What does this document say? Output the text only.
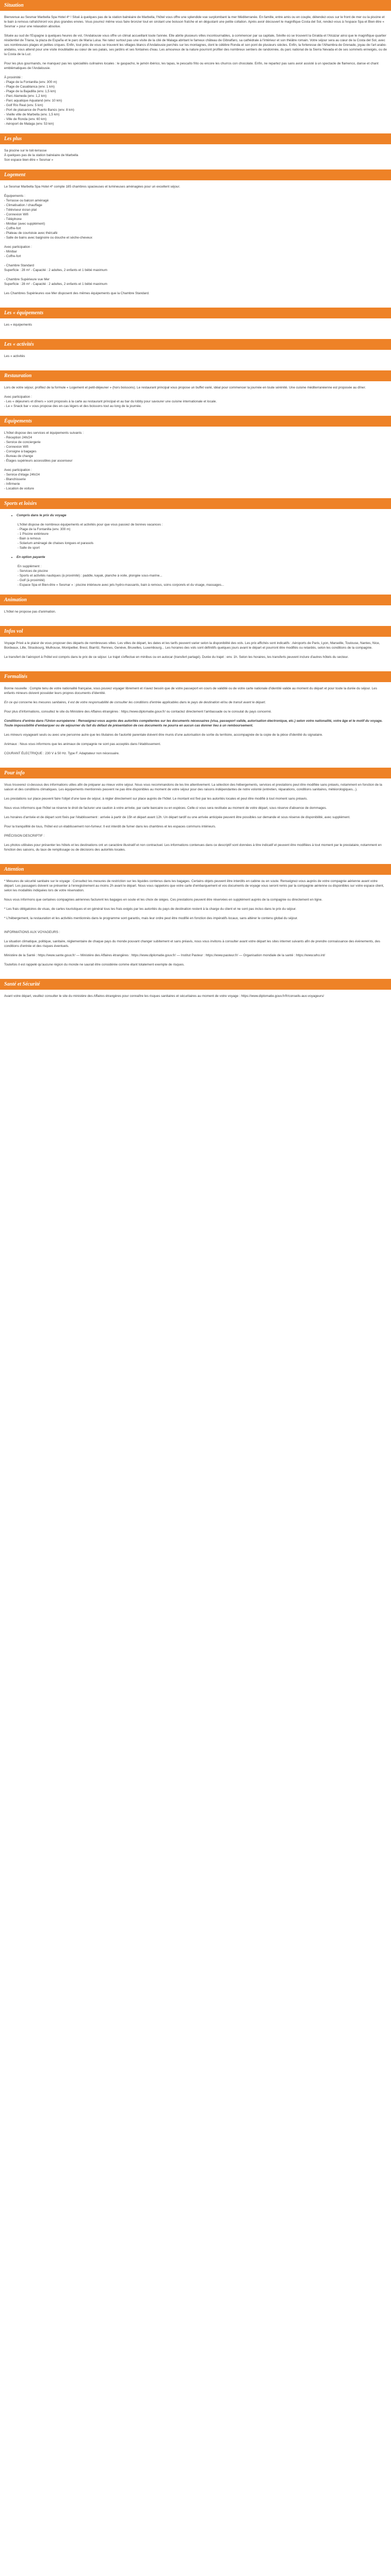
Situation

Bienvenue au Sesmar Marbella Spa Hotel 4* ! Situé à quelques pas de la station balnéaire de Marbella, l'hôtel vous offre une splendide vue surplombant la mer Méditerranée. En famille, entre amis ou en couple, détendez-vous sur le front de mer ou la piscine et le bain à remous rafraîchiront vos plus grandes envies. Vous pourrez même vous faire bronzer tout en sirotant une boisson fraîche et en dégustant une petite collation. Après avoir découvert le magnifique Costa del Sol, rendez-vous à l'espace Spa et Bien-être « Sesmar » pour une relaxation absolue.

Située au sud de l'Espagne à quelques heures de vol, l'Andalousie vous offre un climat accueillant toute l'année. Elle abrite plusieurs villes incontournables, à commencer par sa capitale, Séville où se trouvent la Giralda et l'Alcázar ainsi que le magnifique quartier résidentiel de Triana, la plaza de España et le parc de Maria Luisa. Ne ratez surtout pas une visite de la cité de Malaga abritant le fameux château de Gibralfaro, sa cathédrale à l'intérieur et son théâtre romain. Votre séjour sera au cœur de la Costa del Sol, avec ses nombreuses plages et petites criques. Enfin, tout près de vous se trouvent les villages blancs d'Andalousie perchés sur les montagnes, dont le célèbre Ronda et son pont de plusieurs siècles. Enfin, la forteresse de l'Alhambra de Grenade, joyau de l'art arabo-andalou, vous attend pour une visite inoubliable au cœur de ses palais, ses jardins et ses fontaines d'eau. Les amoureux de la nature pourront profiter des nombreux sentiers de randonnée, du parc national de la Sierra Nevada et de ses sommets enneigés, ou de la Costa de la Luz.

Pour les plus gourmands, ne manquez pas les spécialités culinaires locales : le gaspacho, le jamón ibérico, les tapas, le pescaíto frito ou encore les churros con chocolate. Enfin, ne repartez pas sans avoir assisté à un spectacle de flamenco, danse et chant emblématiques de l'Andalousie.

À proximité :

- Plage de la Fontanilla (env. 300 m)

- Plage de Casablanca (env. 1 km)

- Plage de la Bajadilla (env. 1,5 km)

- Parc Alameda (env. 1,2 km)

- Parc aquatique Aqualand (env. 10 km)

- Golf Río Real (env. 5 km)

- Port de plaisance de Puerto Banús (env. 8 km)

- Vieille ville de Marbella (env. 1,5 km)

- Ville de Ronda (env. 60 km)

- Aéroport de Malaga (env. 53 km)

Les plus

Sa piscine sur le toit-terrasse

À quelques pas de la station balnéaire de Marbella

Son espace bien-être « Sesmar »

Logement

Le Sesmar Marbella Spa Hotel 4* compte 185 chambres spacieuses et lumineuses aménagées pour un excellent séjour.

Équipements :

- Terrasse ou balcon aménagé

- Climatisation / chauffage

- Téléviseur écran plat

- Connexion Wifi

- Téléphone

- Minibar (avec supplément)

- Coffre-fort

- Plateau de courtoisie avec thé/café

- Salle de bains avec baignoire ou douche et sèche-cheveux

Avec participation :

- Minibar

- Coffre-fort

- Chambre Standard

Superficie : 28 m² - Capacité : 2 adultes, 2 enfants et 1 bébé maximum

- Chambre Supérieure vue Mer

Superficie : 28 m² - Capacité : 2 adultes, 2 enfants et 1 bébé maximum

Les Chambres Supérieures vue Mer disposent des mêmes équipements que la Chambre Standard.

Les « équipements

Les « équipements

Les « activités

Les « activités

Restauration

Lors de votre séjour, profitez de la formule « Logement et petit-déjeuner » (hors boissons). Le restaurant principal vous propose un buffet varié, idéal pour commencer la journée en toute sérénité. Une cuisine méditerranéenne est proposée au dîner.

Avec participation :

- Les « déjeuners et dîners » sont proposés à la carte au restaurant principal et au bar du lobby pour savourer une cuisine internationale et locale.

- Le « Snack bar » vous propose des en-cas légers et des boissons tout au long de la journée.

Équipements

L'hôtel dispose des services et équipements suivants :

- Réception 24h/24

- Service de conciergerie

- Connexion Wifi

- Consigne à bagages

- Bureau de change

- Étages supérieurs accessibles par ascenseur

Avec participation :

- Service d'étage 24h/24

- Blanchisserie

- Infirmerie

- Location de voiture

Sports et loisirs
• Compris dans le prix du voyage

L'hôtel dispose de nombreux équipements et activités pour que vous passiez de bonnes vacances :

- Plage de la Fontanilla (env. 300 m)

- 1 Piscine extérieure

- Bain à remous

- Solarium aménagé de chaises longues et parasols

- Salle de sport

• En option payante

En supplément :

- Services de piscine

- Sports et activités nautiques (à proximité) : paddle, kayak, planche à voile, plongée sous-marine...

- Golf (à proximité)

- Espace Spa et Bien-être « Sesmar » : piscine intérieure avec jets hydro-massants, bain à remous, soins corporels et du visage, massages...

Animation

L'hôtel ne propose pas d'animation.

Infos vol

Voyage Privé a le plaisir de vous proposer des départs de nombreuses villes. Les villes de départ, les dates et les tarifs peuvent varier selon la disponibilité des vols. Les prix affichés sont indicatifs : Aéroports de Paris, Lyon, Marseille, Toulouse, Nantes, Nice, Bordeaux, Lille, Strasbourg, Mulhouse, Montpellier, Brest, Biarritz, Rennes, Genève, Bruxelles, Luxembourg... Les horaires des vols sont définitifs quelques jours avant le départ et pourront être modifiés ou retardés, selon les conditions de la compagnie.

Le transfert de l'aéroport à l'hôtel est compris dans le prix de ce séjour. Le trajet s'effectue en minibus ou en autocar (transfert partagé). Durée du trajet : env. 1h. Selon les horaires, les transferts peuvent inclure d'autres hôtels du secteur.

Formalités

Bonne nouvelle : Compte tenu de votre nationalité française, vous pouvez voyager librement et n'avez besoin que de votre passeport en cours de validité ou de votre carte nationale d'identité valide au moment du départ et pour toute la durée du séjour. Les enfants mineurs doivent posséder leurs propres documents d'identité.

En ce qui concerne les mesures sanitaires, il est de votre responsabilité de consulter les conditions d'entrée applicables dans le pays de destination et/ou de transit avant le départ.

Pour plus d'informations, consultez le site du Ministère des Affaires étrangères : https://www.diplomatie.gouv.fr/ ou contactez directement l'ambassade ou le consulat du pays concerné.

Conditions d'entrée dans l'Union européenne : Renseignez-vous auprès des autorités compétentes sur les documents nécessaires (visa, passeport valide, autorisation électronique, etc.) selon votre nationalité, votre âge et le motif du voyage. Toute impossibilité d'embarquer ou de séjourner du fait du défaut de présentation de ces documents ne pourra en aucun cas donner lieu à un remboursement.

Les mineurs voyageant seuls ou avec une personne autre que les titulaires de l'autorité parentale doivent être munis d'une autorisation de sortie du territoire, accompagnée de la copie de la pièce d'identité du signataire.

Animaux : Nous vous informons que les animaux de compagnie ne sont pas acceptés dans l'établissement.

COURANT ÉLECTRIQUE : 230 V à 50 Hz. Type F. Adaptateur non nécessaire.

Pour info

Vous trouverez ci-dessous des informations utiles afin de préparer au mieux votre séjour. Nous vous recommandons de les lire attentivement. La sélection des hébergements, services et prestations peut être modifiée sans préavis, notamment en fonction de la saison et des conditions climatiques. Les équipements mentionnés peuvent ne pas être disponibles au moment de votre séjour pour des raisons indépendantes de notre volonté (entretien, réparations, conditions sanitaires, météorologiques...).

Les prestations sur place peuvent faire l'objet d'une taxe de séjour, à régler directement sur place auprès de l'hôtel. Le montant est fixé par les autorités locales et peut être modifié à tout moment sans préavis.

Nous vous informons que l'hôtel se réserve le droit de facturer une caution à votre arrivée, par carte bancaire ou en espèces. Celle-ci vous sera restituée au moment de votre départ, sous réserve d'absence de dommages.

Les horaires d'arrivée et de départ sont fixés par l'établissement : arrivée à partir de 15h et départ avant 12h. Un départ tardif ou une arrivée anticipée peuvent être possibles sur demande et sous réserve de disponibilité, avec supplément.

Pour la tranquillité de tous, l'hôtel est un établissement non-fumeur. Il est interdit de fumer dans les chambres et les espaces communs intérieurs.

PRÉCISION DESCRIPTIF :

Les photos utilisées pour présenter les hôtels et les destinations ont un caractère illustratif et non contractuel. Les informations contenues dans ce descriptif sont données à titre indicatif et peuvent être modifiées à tout moment par le prestataire, notamment en fonction des saisons, du taux de remplissage ou de décisions des autorités locales.

Attention

* Mesures de sécurité sanitaire sur le voyage : Consultez les mesures de restriction sur les liquides contenus dans les bagages. Certains objets peuvent être interdits en cabine ou en soute. Renseignez-vous auprès de votre compagnie aérienne avant votre départ. Les passagers doivent se présenter à l'enregistrement au moins 2h avant le départ. Nous vous rappelons que votre carte d'embarquement et vos documents de voyage vous seront remis par la compagnie aérienne ou disponibles sur votre espace client, selon les modalités indiquées lors de votre réservation.

Nous vous informons que certaines compagnies aériennes facturent les bagages en soute et les choix de sièges. Ces prestations peuvent être réservées en supplément auprès de la compagnie ou directement en ligne.

* Les frais obligatoires de visas, de cartes touristiques et en général tous les frais exigés par les autorités du pays de destination restent à la charge du client et ne sont pas inclus dans le prix du séjour.

* L'hébergement, la restauration et les activités mentionnés dans le programme sont garantis, mais leur ordre peut être modifié en fonction des impératifs locaux, sans altérer le contenu global du séjour.

INFORMATIONS AUX VOYAGEURS :

La situation climatique, politique, sanitaire, réglementaire de chaque pays du monde pouvant changer subitement et sans préavis, nous vous invitons à consulter avant votre départ les sites internet suivants afin de prendre connaissance des évènements, des conditions d'entrée et des risques éventuels.

Ministère de la Santé : https://www.sante.gouv.fr/ — Ministère des Affaires étrangères : https://www.diplomatie.gouv.fr/ — Institut Pasteur : https://www.pasteur.fr/ — Organisation mondiale de la santé : https://www.who.int/

Toutefois il est rappelé qu'aucune région du monde ne saurait être considérée comme étant totalement exempte de risques.

Santé et Sécurité

Avant votre départ, veuillez consulter le site du ministère des Affaires étrangères pour connaître les risques sanitaires et sécuritaires au moment de votre voyage : https://www.diplomatie.gouv.fr/fr/conseils-aux-voyageurs/
